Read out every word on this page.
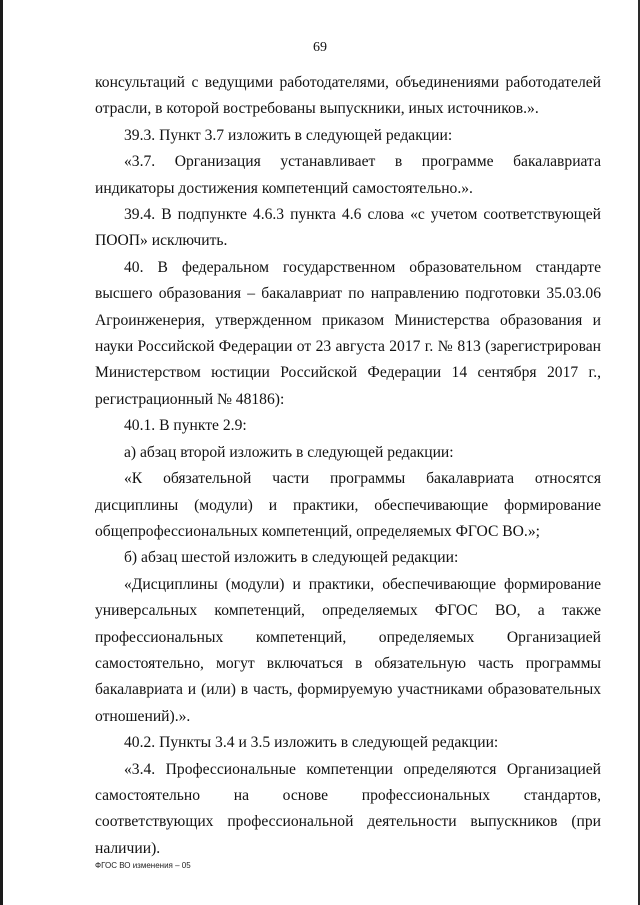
69

консультаций с ведущими работодателями, объединениями работодателей отрасли, в которой востребованы выпускники, иных источников.».

39.3. Пункт 3.7 изложить в следующей редакции:

«3.7. Организация устанавливает в программе бакалавриата индикаторы достижения компетенций самостоятельно.».

39.4. В подпункте 4.6.3 пункта 4.6 слова «с учетом соответствующей ПООП» исключить.

40. В федеральном государственном образовательном стандарте высшего образования – бакалавриат по направлению подготовки 35.03.06 Агроинженерия, утвержденном приказом Министерства образования и науки Российской Федерации от 23 августа 2017 г. № 813 (зарегистрирован Министерством юстиции Российской Федерации 14 сентября 2017 г., регистрационный № 48186):

40.1. В пункте 2.9:

а) абзац второй изложить в следующей редакции:

«К обязательной части программы бакалавриата относятся дисциплины (модули) и практики, обеспечивающие формирование общепрофессиональных компетенций, определяемых ФГОС ВО.»;

б) абзац шестой изложить в следующей редакции:

«Дисциплины (модули) и практики, обеспечивающие формирование универсальных компетенций, определяемых ФГОС ВО, а также профессиональных компетенций, определяемых Организацией самостоятельно, могут включаться в обязательную часть программы бакалавриата и (или) в часть, формируемую участниками образовательных отношений).».

40.2. Пункты 3.4 и 3.5 изложить в следующей редакции:

«3.4. Профессиональные компетенции определяются Организацией самостоятельно на основе профессиональных стандартов, соответствующих профессиональной деятельности выпускников (при наличии).

ФГОС ВО изменения – 05
